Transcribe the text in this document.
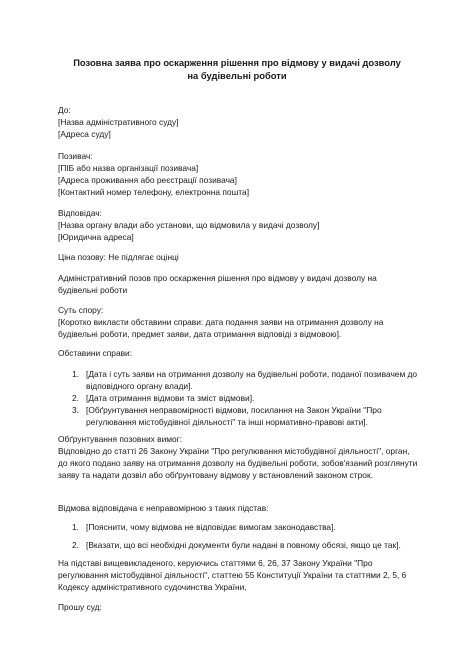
Позовна заява про оскарження рішення про відмову у видачі дозволу на будівельні роботи
До:
[Назва адміністративного суду]
[Адреса суду]
Позивач:
[ПІБ або назва організації позивача]
[Адреса проживання або реєстрації позивача]
[Контактний номер телефону, електронна пошта]
Відповідач:
[Назва органу влади або установи, що відмовила у видачі дозволу]
[Юридична адреса]
Ціна позову: Не підлягає оцінці
Адміністративний позов про оскарження рішення про відмову у видачі дозволу на будівельні роботи
Суть спору:
[Коротко викласти обставини справи: дата подання заяви на отримання дозволу на будівельні роботи, предмет заяви, дата отримання відповіді з відмовою].
Обставини справи:
1. [Дата і суть заяви на отримання дозволу на будівельні роботи, поданої позивачем до відповідного органу влади].
2. [Дата отримання відмови та зміст відмови].
3. [Обґрунтування неправомірності відмови, посилання на Закон України "Про регулювання містобудівної діяльності" та інші нормативно-правові акти].
Обґрунтування позовних вимог:
Відповідно до статті 26 Закону України "Про регулювання містобудівної діяльності", орган, до якого подано заяву на отримання дозволу на будівельні роботи, зобов'язаний розглянути заяву та надати дозвіл або обґрунтовану відмову у встановлений законом строк.
Відмова відповідача є неправомірною з таких підстав:
1. [Пояснити, чому відмова не відповідає вимогам законодавства].
2. [Вказати, що всі необхідні документи були надані в повному обсязі, якщо це так].
На підставі вищевикладеного, керуючись статтями 6, 26, 37 Закону України "Про регулювання містобудівної діяльності", статтею 55 Конституції України та статтями 2, 5, 6 Кодексу адміністративного судочинства України,
Прошу суд:
